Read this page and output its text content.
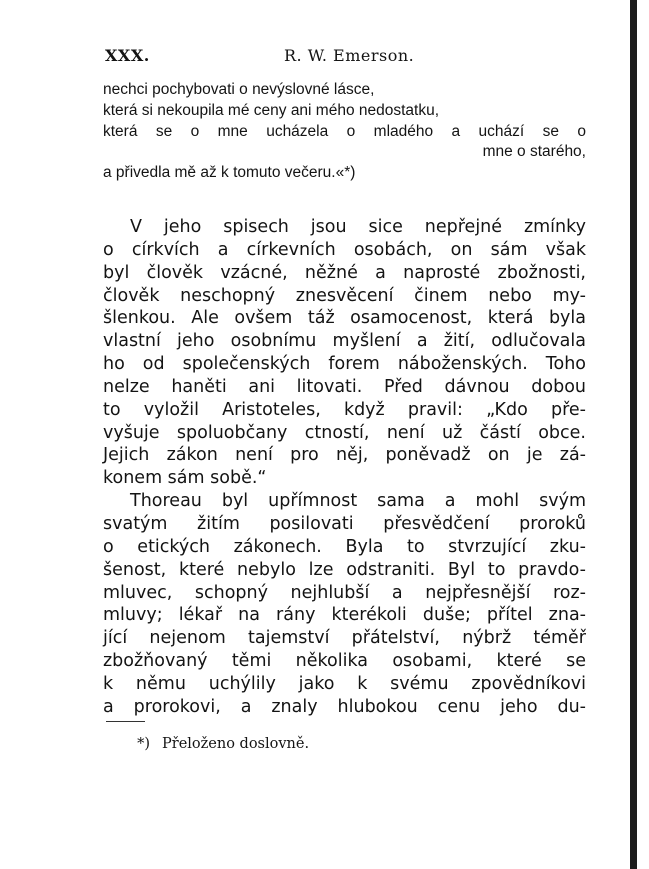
XXX.	R. W. Emerson.
nechci pochybovati o nevýslovné lásce,
která si nekoupila mé ceny ani mého nedostatku,
která se o mne ucházela o mladého a uchází se o
mne o starého,
a přivedla mě až k tomuto večeru.«*)
V jeho spisech jsou sice nepřejné zmínky
o církvích a církevních osobách, on sám však
byl člověk vzácné, něžné a naprosté zbožnosti,
člověk neschopný znesvěcení činem nebo my-
šlenkou. Ale ovšem táž osamocenost, která byla
vlastní jeho osobnímu myšlení a žití, odlučovala
ho od společenských forem náboženských. Toho
nelze haněti ani litovati. Před dávnou dobou
to vyložil Aristoteles, když pravil: „Kdo pře-
vyšuje spoluobčany ctností, není už částí obce.
Jejich zákon není pro něj, poněvadž on je zá-
konem sám sobě.“
Thoreau byl upřímnost sama a mohl svým
svatým žitím posilovati přesvědčení proroků
o etických zákonech. Byla to stvrzující zku-
šenost, které nebylo lze odstraniti. Byl to pravdo-
mluvec, schopný nejhlubší a nejpřesnější roz-
mluvy; lékař na rány kterékoli duše; přítel zna-
jící nejenom tajemství přátelství, nýbrž téměř
zbožňovaný těmi několika osobami, které se
k němu uchýlily jako k svému zpovědníkovi
a prorokovi, a znaly hlubokou cenu jeho du-
*) Přeloženo doslovně.
